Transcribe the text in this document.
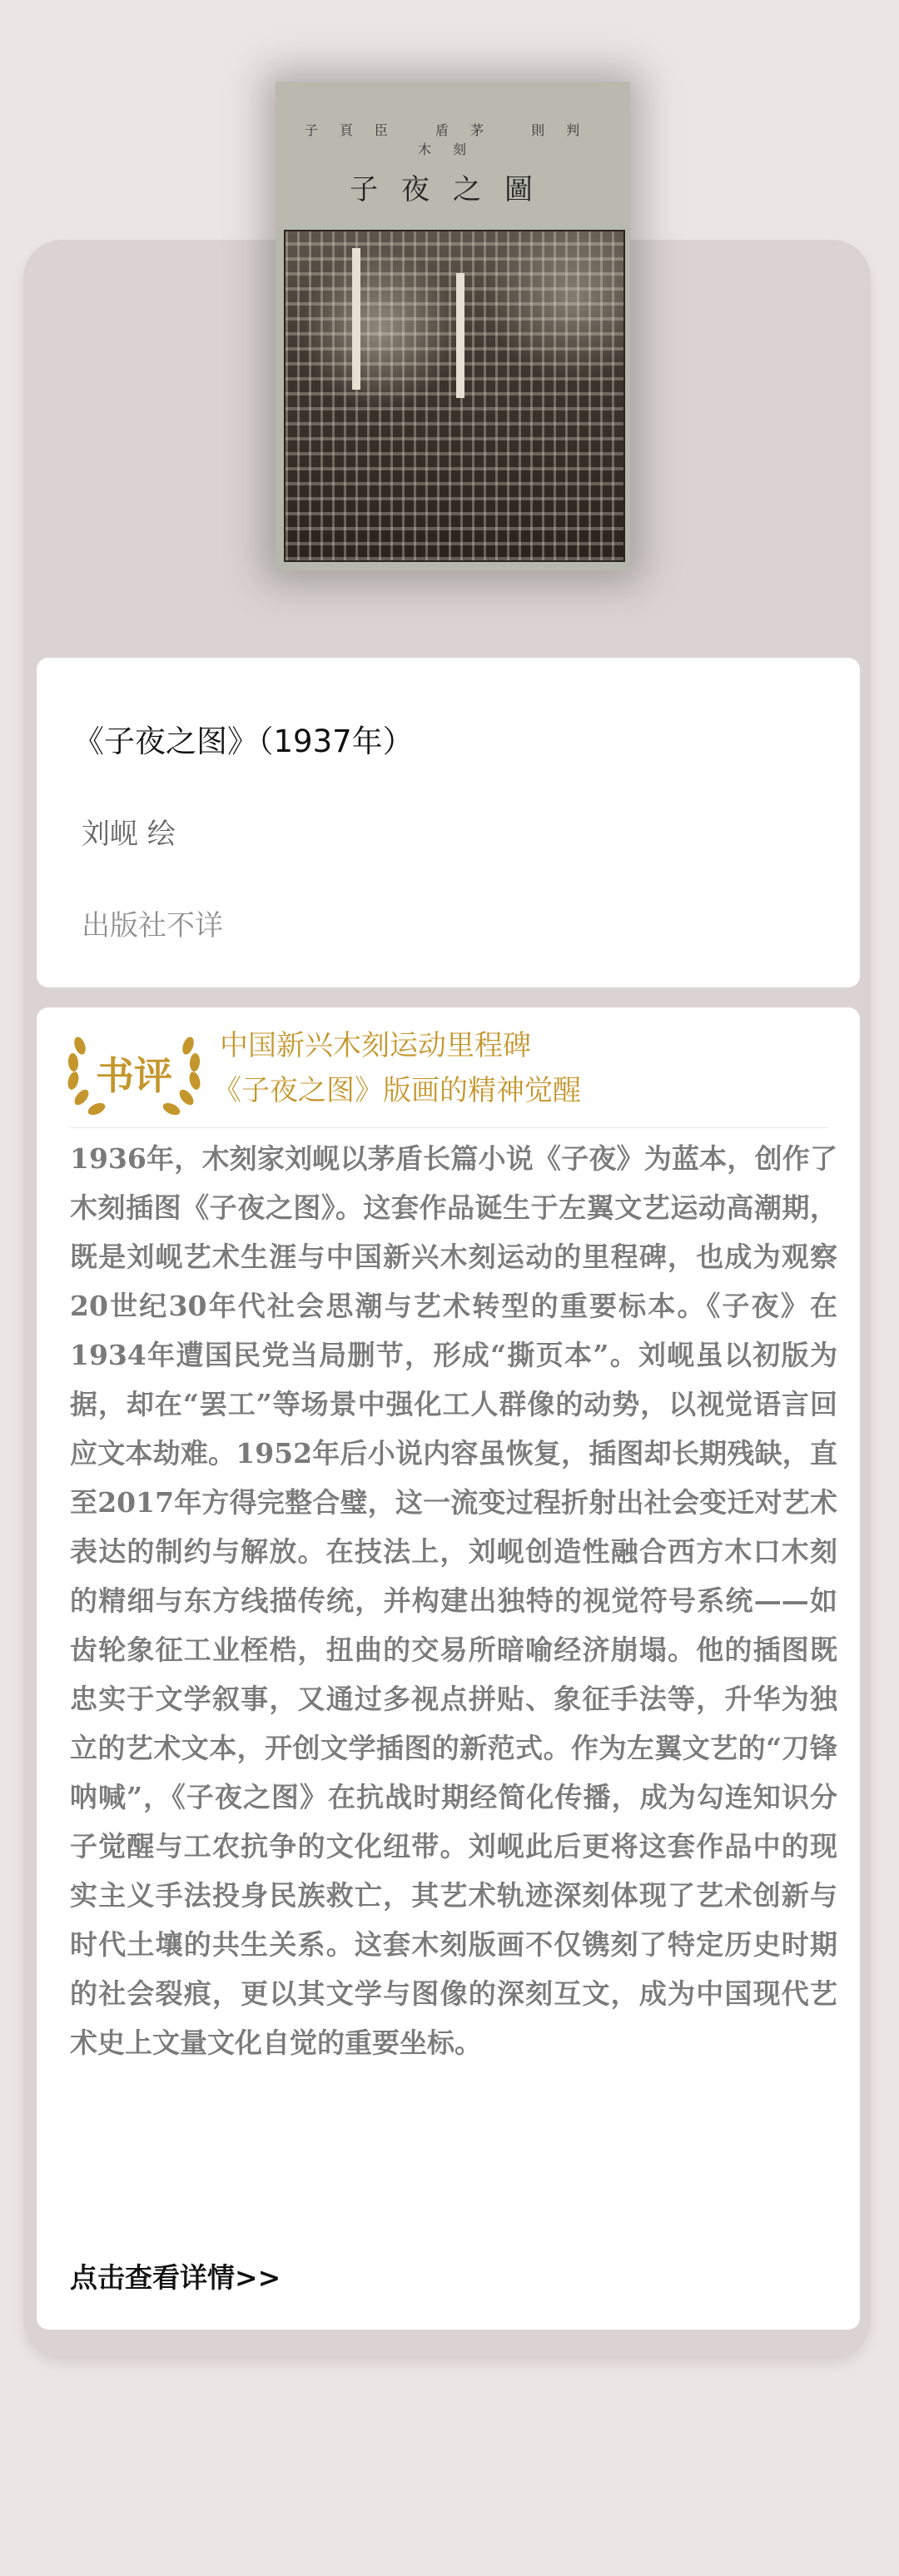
子頁臣 盾茅 則判 木刻
子夜之圖
《子夜之图》（1937年）
刘岘 绘
出版社不详
书评
中国新兴木刻运动里程碑
《子夜之图》版画的精神觉醒

1936年，木刻家刘岘以茅盾长篇小说《子夜》为蓝本，创作了木刻插图《子夜之图》。这套作品诞生于左翼文艺运动高潮期，既是刘岘艺术生涯与中国新兴木刻运动的里程碑，也成为观察20世纪30年代社会思潮与艺术转型的重要标本。《子夜》在1934年遭国民党当局删节，形成“撕页本”。刘岘虽以初版为据，却在“罢工”等场景中强化工人群像的动势，以视觉语言回应文本劫难。1952年后小说内容虽恢复，插图却长期残缺，直至2017年方得完整合璧，这一流变过程折射出社会变迁对艺术表达的制约与解放。在技法上，刘岘创造性融合西方木口木刻的精细与东方线描传统，并构建出独特的视觉符号系统——如齿轮象征工业桎梏，扭曲的交易所暗喻经济崩塌。他的插图既忠实于文学叙事，又通过多视点拼贴、象征手法等，升华为独立的艺术文本，开创文学插图的新范式。作为左翼文艺的“刀锋呐喊”，《子夜之图》在抗战时期经简化传播，成为勾连知识分子觉醒与工农抗争的文化纽带。刘岘此后更将这套作品中的现实主义手法投身民族救亡，其艺术轨迹深刻体现了艺术创新与时代土壤的共生关系。这套木刻版画不仅镌刻了特定历史时期的社会裂痕，更以其文学与图像的深刻互文，成为中国现代艺术史上文量文化自觉的重要坐标。

点击查看详情>>
